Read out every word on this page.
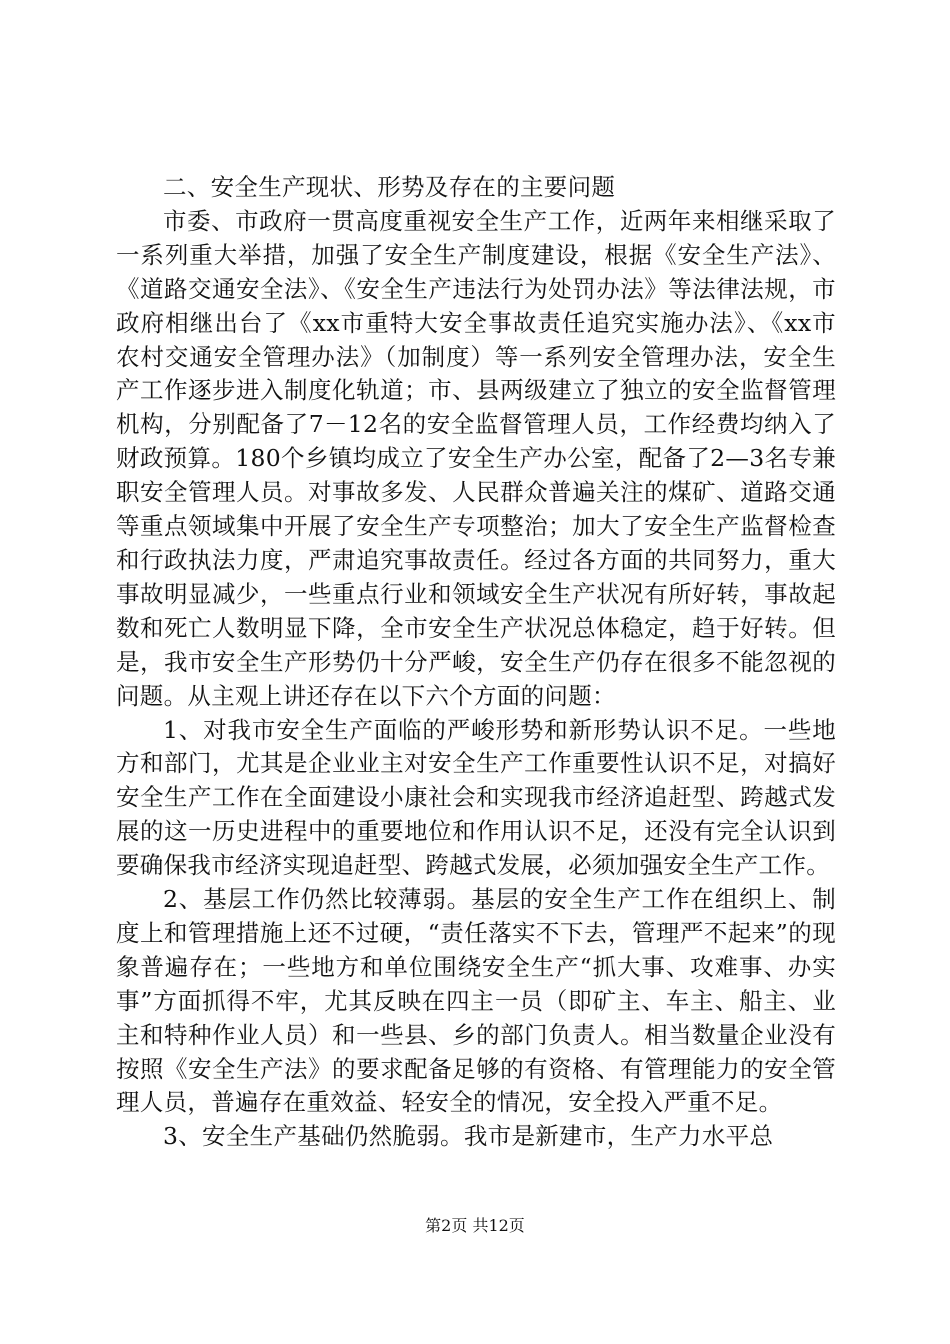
二、安全生产现状、形势及存在的主要问题

市委、市政府一贯高度重视安全生产工作，近两年来相继采取了一系列重大举措，加强了安全生产制度建设，根据《安全生产法》、《道路交通安全法》、《安全生产违法行为处罚办法》等法律法规，市政府相继出台了《xx市重特大安全事故责任追究实施办法》、《xx市农村交通安全管理办法》（加制度）等一系列安全管理办法，安全生产工作逐步进入制度化轨道；市、县两级建立了独立的安全监督管理机构，分别配备了7－12名的安全监督管理人员，工作经费均纳入了财政预算。180个乡镇均成立了安全生产办公室，配备了2—3名专兼职安全管理人员。对事故多发、人民群众普遍关注的煤矿、道路交通等重点领域集中开展了安全生产专项整治；加大了安全生产监督检查和行政执法力度，严肃追究事故责任。经过各方面的共同努力，重大事故明显减少，一些重点行业和领域安全生产状况有所好转，事故起数和死亡人数明显下降，全市安全生产状况总体稳定，趋于好转。但是，我市安全生产形势仍十分严峻，安全生产仍存在很多不能忽视的问题。从主观上讲还存在以下六个方面的问题：

1、对我市安全生产面临的严峻形势和新形势认识不足。一些地方和部门，尤其是企业业主对安全生产工作重要性认识不足，对搞好安全生产工作在全面建设小康社会和实现我市经济追赶型、跨越式发展的这一历史进程中的重要地位和作用认识不足，还没有完全认识到要确保我市经济实现追赶型、跨越式发展，必须加强安全生产工作。

2、基层工作仍然比较薄弱。基层的安全生产工作在组织上、制度上和管理措施上还不过硬，“责任落实不下去，管理严不起来”的现象普遍存在；一些地方和单位围绕安全生产“抓大事、攻难事、办实事”方面抓得不牢，尤其反映在四主一员（即矿主、车主、船主、业主和特种作业人员）和一些县、乡的部门负责人。相当数量企业没有按照《安全生产法》的要求配备足够的有资格、有管理能力的安全管理人员，普遍存在重效益、轻安全的情况，安全投入严重不足。

3、安全生产基础仍然脆弱。我市是新建市，生产力水平总

第2页 共12页
